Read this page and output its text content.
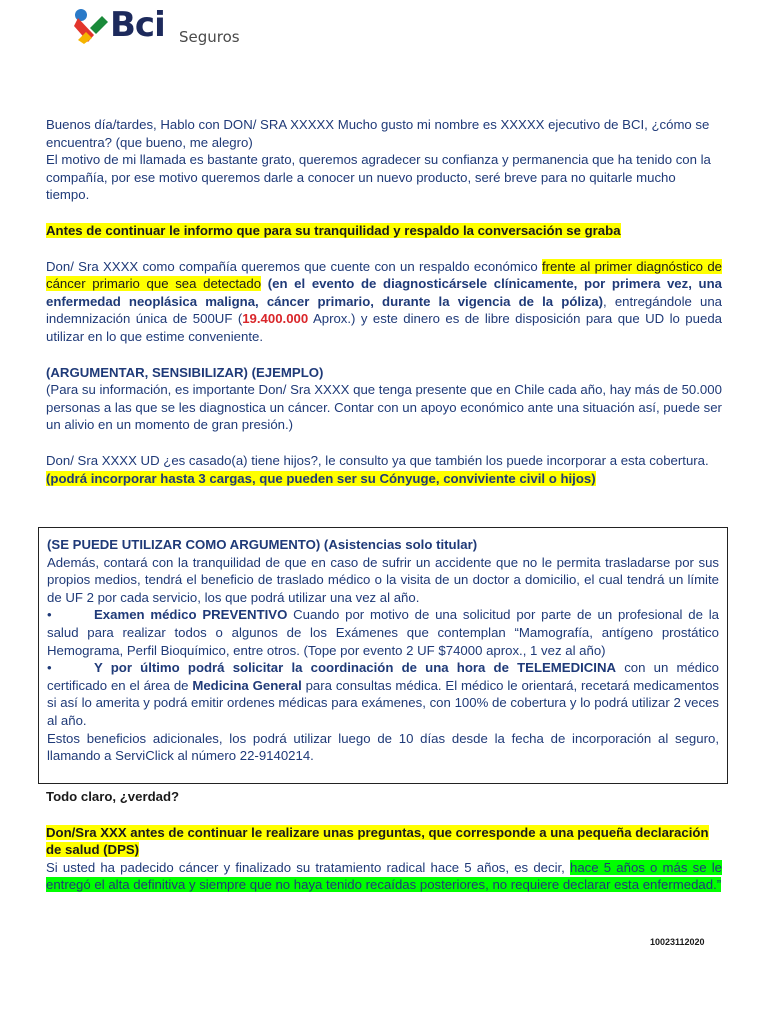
Bci Seguros

Buenos día/tardes, Hablo con DON/ SRA XXXXX Mucho gusto mi nombre es XXXXX ejecutivo de BCI, ¿cómo se encuentra? (que bueno, me alegro)

El motivo de mi llamada es bastante grato, queremos agradecer su confianza y permanencia que ha tenido con la compañía, por ese motivo queremos darle a conocer un nuevo producto, seré breve para no quitarle mucho tiempo.

Antes de continuar le informo que para su tranquilidad y respaldo la conversación se graba

Don/ Sra XXXX como compañía queremos que cuente con un respaldo económico frente al primer diagnóstico de cáncer primario que sea detectado (en el evento de diagnosticársele clínicamente, por primera vez, una enfermedad neoplásica maligna, cáncer primario, durante la vigencia de la póliza), entregándole una indemnización única de 500UF (19.400.000 Aprox.) y este dinero es de libre disposición para que UD lo pueda utilizar en lo que estime conveniente.

(ARGUMENTAR, SENSIBILIZAR) (EJEMPLO)

(Para su información, es importante Don/ Sra XXXX que tenga presente que en Chile cada año, hay más de 50.000 personas a las que se les diagnostica un cáncer. Contar con un apoyo económico ante una situación así, puede ser un alivio en un momento de gran presión.)

Don/ Sra XXXX UD ¿es casado(a) tiene hijos?, le consulto ya que también los puede incorporar a esta cobertura.

(podrá incorporar hasta 3 cargas, que pueden ser su Cónyuge, conviviente civil o hijos)

(SE PUEDE UTILIZAR COMO ARGUMENTO) (Asistencias solo titular)

Además, contará con la tranquilidad de que en caso de sufrir un accidente que no le permita trasladarse por sus propios medios, tendrá el beneficio de traslado médico o la visita de un doctor a domicilio, el cual tendrá un límite de UF 2 por cada servicio, los que podrá utilizar una vez al año.

•	Examen médico PREVENTIVO Cuando por motivo de una solicitud por parte de un profesional de la salud para realizar todos o algunos de los Exámenes que contemplan “Mamografía, antígeno prostático Hemograma, Perfil Bioquímico, entre otros. (Tope por evento 2 UF $74000 aprox., 1 vez al año)

•	Y por último podrá solicitar la coordinación de una hora de TELEMEDICINA con un médico certificado en el área de Medicina General para consultas médica. El médico le orientará, recetará medicamentos si así lo amerita y podrá emitir ordenes médicas para exámenes, con 100% de cobertura y lo podrá utilizar 2 veces al año.

Estos beneficios adicionales, los podrá utilizar luego de 10 días desde la fecha de incorporación al seguro, llamando a ServiClick al número 22-9140214.

Todo claro, ¿verdad?

Don/Sra XXX antes de continuar le realizare unas preguntas, que corresponde a una pequeña declaración de salud (DPS)

Si usted ha padecido cáncer y finalizado su tratamiento radical hace 5 años, es decir, hace 5 años o más se le entregó el alta definitiva y siempre que no haya tenido recaídas posteriores, no requiere declarar esta enfermedad.”

10023112020
